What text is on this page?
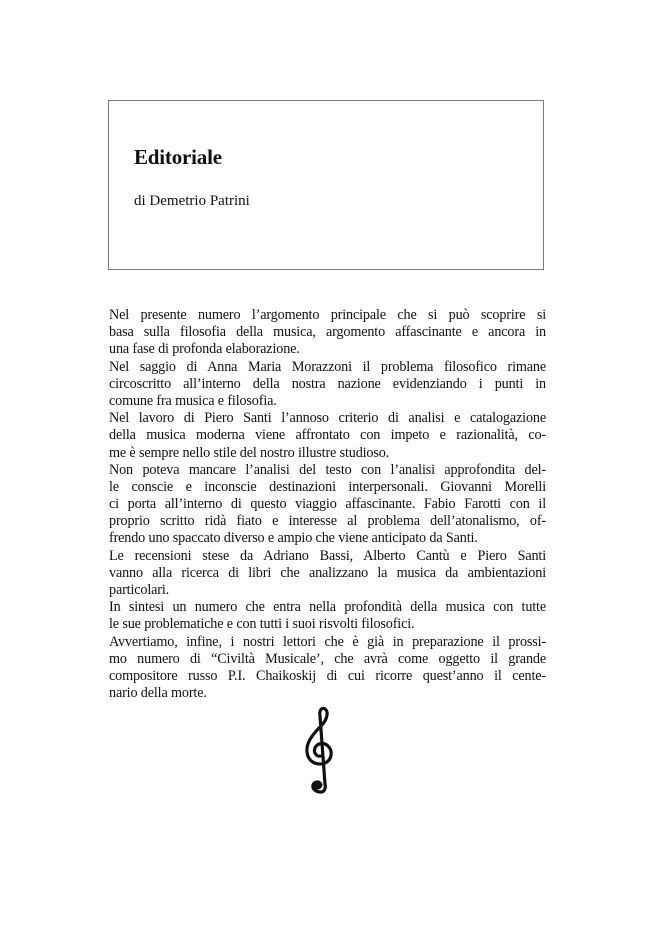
Editoriale

di Demetrio Patrini

Nel presente numero l’argomento principale che si può scoprire si
basa sulla filosofia della musica, argomento affascinante e ancora in
una fase di profonda elaborazione.
Nel saggio di Anna Maria Morazzoni il problema filosofico rimane
circoscritto all’interno della nostra nazione evidenziando i punti in
comune fra musica e filosofia.
Nel lavoro di Piero Santi l’annoso criterio di analisi e catalogazione
della musica moderna viene affrontato con impeto e razionalità, co-
me è sempre nello stile del nostro illustre studioso.
Non poteva mancare l’analisi del testo con l’analisi approfondita del-
le conscie e inconscie destinazioni interpersonali. Giovanni Morelli
ci porta all’interno di questo viaggio affascinante. Fabio Farotti con il
proprio scritto ridà fiato e interesse al problema dell’atonalismo, of-
frendo uno spaccato diverso e ampio che viene anticipato da Santi.
Le recensioni stese da Adriano Bassi, Alberto Cantù e Piero Santi
vanno alla ricerca di libri che analizzano la musica da ambientazioni
particolari.
In sintesi un numero che entra nella profondità della musica con tutte
le sue problematiche e con tutti i suoi risvolti filosofici.
Avvertiamo, infine, i nostri lettori che è già in preparazione il prossi-
mo numero di “Civiltà Musicale’, che avrà come oggetto il grande
compositore russo P.I. Chaikoskij di cui ricorre quest’anno il cente-
nario della morte.
